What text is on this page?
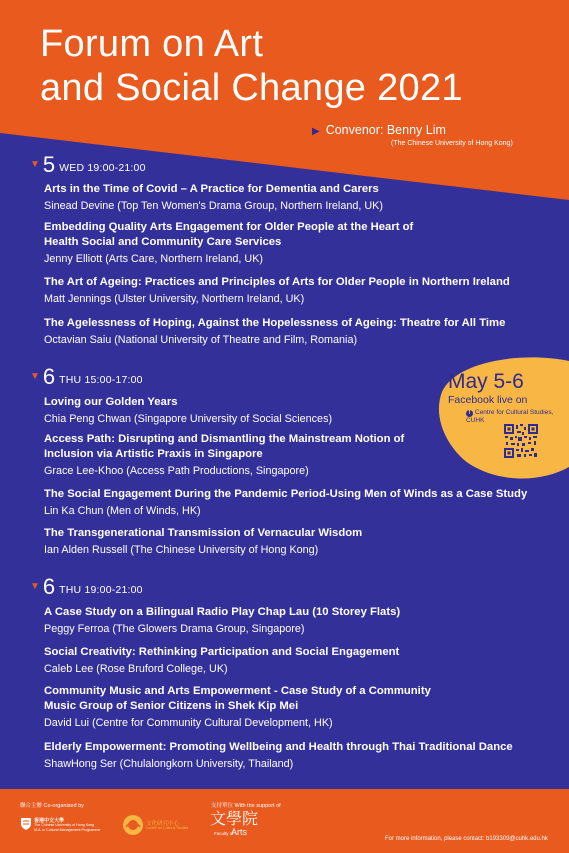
Forum on Art
and Social Change 2021
▶ Convenor: Benny Lim
(The Chinese University of Hong Kong)
▼ 5 WED 19:00-21:00

Arts in the Time of Covid – A Practice for Dementia and Carers

Sinead Devine (Top Ten Women's Drama Group, Northern Ireland, UK)

Embedding Quality Arts Engagement for Older People at the Heart of

Health Social and Community Care Services

Jenny Elliott (Arts Care, Northern Ireland, UK)

The Art of Ageing: Practices and Principles of Arts for Older People in Northern Ireland

Matt Jennings (Ulster University, Northern Ireland, UK)

The Agelessness of Hoping, Against the Hopelessness of Ageing: Theatre for All Time

Octavian Saiu (National University of Theatre and Film, Romania)

▼ 6 THU 15:00-17:00

Loving our Golden Years

Chia Peng Chwan (Singapore University of Social Sciences)

Access Path: Disrupting and Dismantling the Mainstream Notion of

Inclusion via Artistic Praxis in Singapore

Grace Lee-Khoo (Access Path Productions, Singapore)

The Social Engagement During the Pandemic Period-Using Men of Winds as a Case Study

Lin Ka Chun (Men of Winds, HK)

The Transgenerational Transmission of Vernacular Wisdom

Ian Alden Russell (The Chinese University of Hong Kong)

▼ 6 THU 19:00-21:00

A Case Study on a Bilingual Radio Play Chap Lau (10 Storey Flats)

Peggy Ferroa (The Glowers Drama Group, Singapore)

Social Creativity: Rethinking Participation and Social Engagement

Caleb Lee (Rose Bruford College, UK)

Community Music and Arts Empowerment - Case Study of a Community

Music Group of Senior Citizens in Shek Kip Mei

David Lui (Centre for Community Cultural Development, HK)

Elderly Empowerment: Promoting Wellbeing and Health through Thai Traditional Dance

ShawHong Ser (Chulalongkorn University, Thailand)

May 5-6

Facebook live on

f Centre for Cultural Studies,

CUHK

聯合主辦 Co-organised by	支持單位 With the support of
香港中文大學
The Chinese University of Hong Kong
M.A. in Cultural Management Programme
文化研究中心
Centre for Cultural Studies 文學院
Faculty of
Arts
For more information, please contact: b193309@cuhk.edu.hk
